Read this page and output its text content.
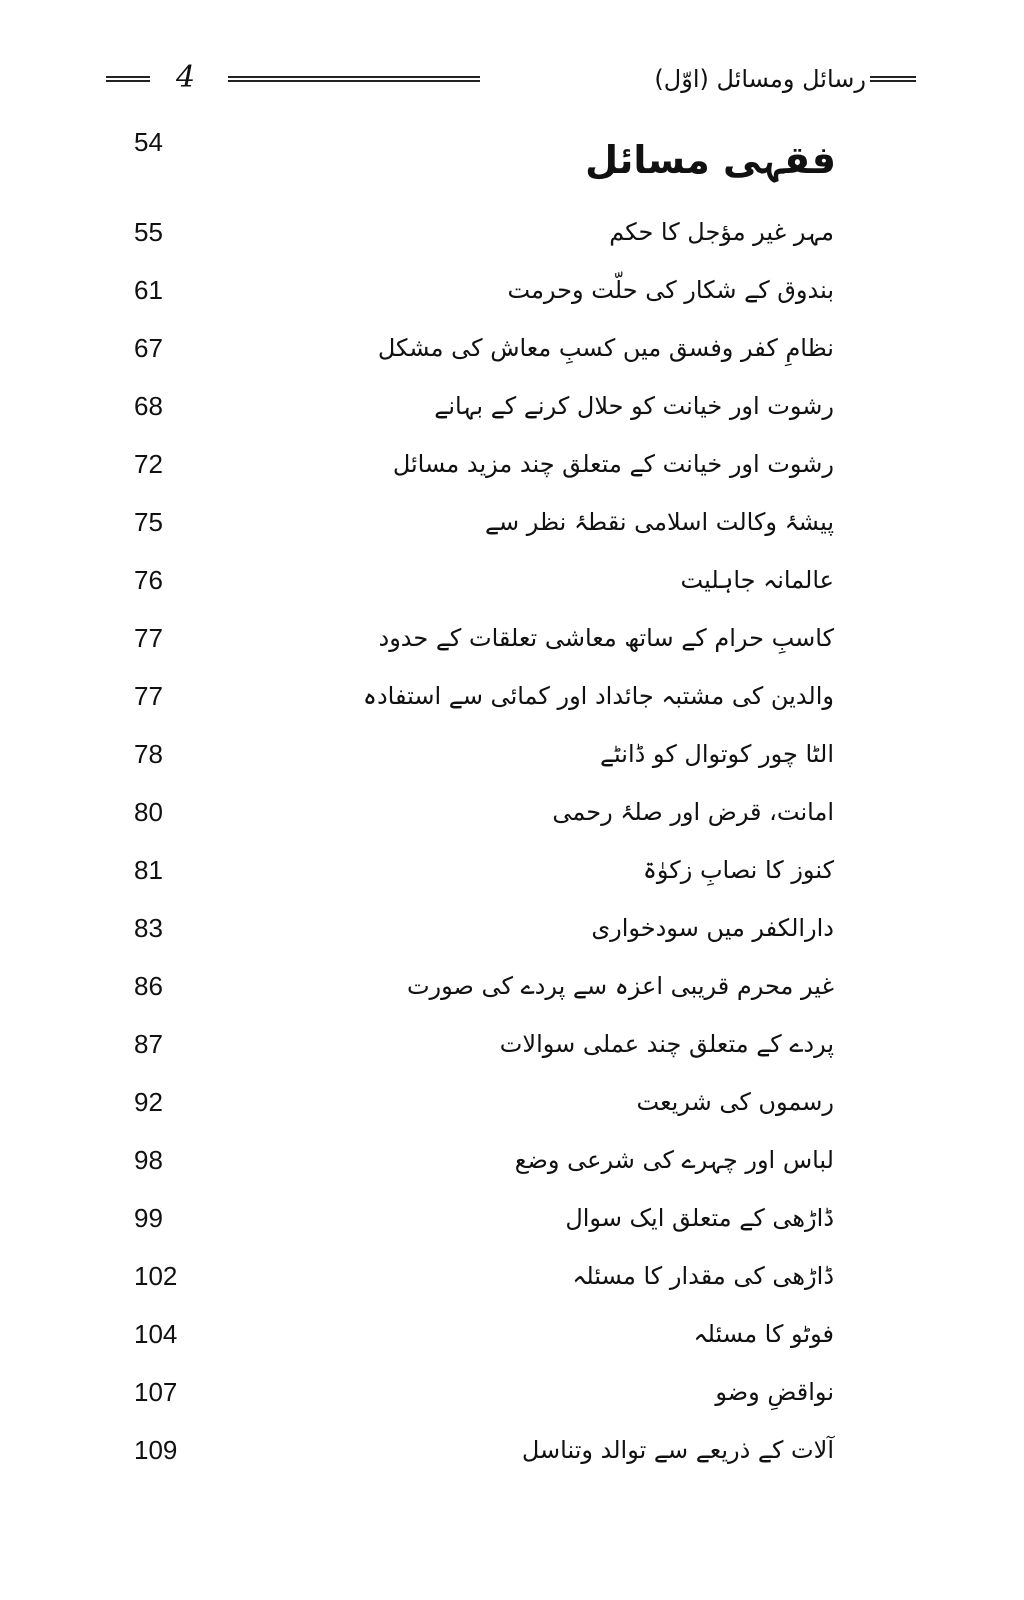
4	رسائل ومسائل (اوّل)
54	فقہی مسائل
55	مہر غیر مؤجل کا حکم
61	بندوق کے شکار کی حلّت وحرمت
67	نظامِ کفر وفسق میں کسبِ معاش کی مشکل
68	رشوت اور خیانت کو حلال کرنے کے بہانے
72	رشوت اور خیانت کے متعلق چند مزید مسائل
75	پیشۂ وکالت اسلامی نقطۂ نظر سے
76	عالمانہ جاہلیت
77	کاسبِ حرام کے ساتھ معاشی تعلقات کے حدود
77	والدین کی مشتبہ جائداد اور کمائی سے استفادہ
78	الٹا چور کوتوال کو ڈانٹے
80	امانت، قرض اور صلۂ رحمی
81	کنوز کا نصابِ زکوٰۃ
83	دارالکفر میں سودخواری
86	غیر محرم قریبی اعزہ سے پردے کی صورت
87	پردے کے متعلق چند عملی سوالات
92	رسموں کی شریعت
98	لباس اور چہرے کی شرعی وضع
99	ڈاڑھی کے متعلق ایک سوال
102	ڈاڑھی کی مقدار کا مسئلہ
104	فوٹو کا مسئلہ
107	نواقضِ وضو
109	آلات کے ذریعے سے توالد وتناسل
